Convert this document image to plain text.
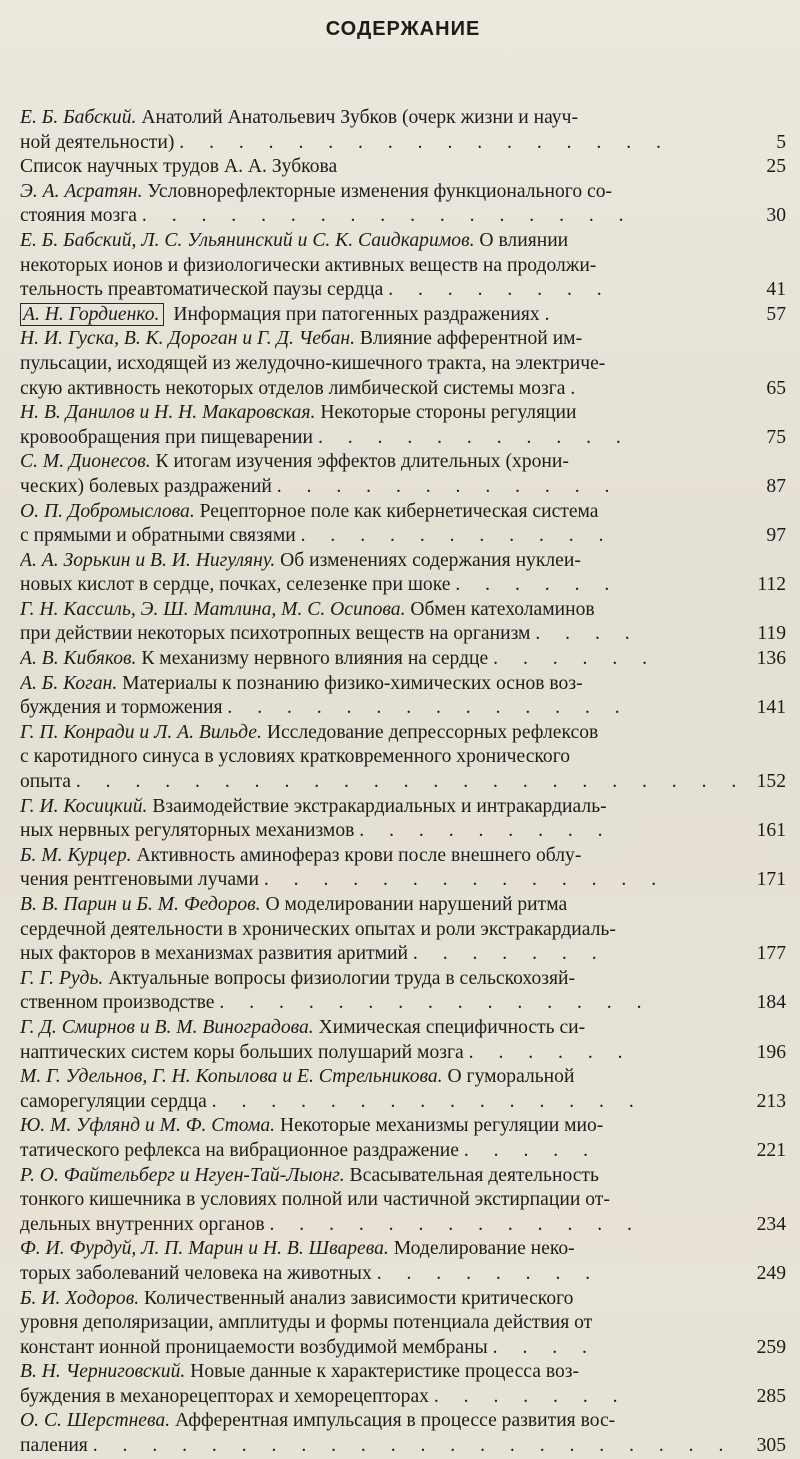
СОДЕРЖАНИЕ
Е. Б. Бабский. Анатолий Анатольевич Зубков (очерк жизни и науч-
ной деятельности) . . . . . . . . . . . . . . . . .	5
Список научных трудов А. А. Зубкова	25
Э. А. Асратян. Условнорефлекторные изменения функционального со-
стояния мозга . . . . . . . . . . . . . . . . .	30
Е. Б. Бабский, Л. С. Ульянинский и С. К. Саидкаримов. О влиянии
некоторых ионов и физиологически активных веществ на продолжи-
тельность преавтоматической паузы сердца . . . . . . . .	41
А. Н. Гордиенко. Информация при патогенных раздражениях .	57
Н. И. Гуска, В. К. Дороган и Г. Д. Чебан. Влияние афферентной им-
пульсации, исходящей из желудочно-кишечного тракта, на электриче-
скую активность некоторых отделов лимбической системы мозга .	65
Н. В. Данилов и Н. Н. Макаровская. Некоторые стороны регуляции
кровообращения при пищеварении . . . . . . . . . . .	75
С. М. Дионесов. К итогам изучения эффектов длительных (хрони-
ческих) болевых раздражений . . . . . . . . . . . .	87
О. П. Добромыслова. Рецепторное поле как кибернетическая система
с прямыми и обратными связями . . . . . . . . . . .	97
А. А. Зорькин и В. И. Нигуляну. Об изменениях содержания нуклеи-
новых кислот в сердце, почках, селезенке при шоке . . . . . .	112
Г. Н. Кассиль, Э. Ш. Матлина, М. С. Осипова. Обмен катехоламинов
при действии некоторых психотропных веществ на организм . . . .	119
А. В. Кибяков. К механизму нервного влияния на сердце . . . . . .	136
А. Б. Коган. Материалы к познанию физико-химических основ воз-
буждения и торможения . . . . . . . . . . . . . .	141
Г. П. Конради и Л. А. Вильде. Исследование депрессорных рефлексов
с каротидного синуса в условиях кратковременного хронического
опыта . . . . . . . . . . . . . . . . . . . . . . . 152
Г. И. Косицкий. Взаимодействие экстракардиальных и интракардиаль-
ных нервных регуляторных механизмов . . . . . . . . .	161
Б. М. Курцер. Активность аминофераз крови после внешнего облу-
чения рентгеновыми лучами . . . . . . . . . . . . . .	171
В. В. Парин и Б. М. Федоров. О моделировании нарушений ритма
сердечной деятельности в хронических опытах и роли экстракардиаль-
ных факторов в механизмах развития аритмий . . . . . . .	177
Г. Г. Рудь. Актуальные вопросы физиологии труда в сельскохозяй-
ственном производстве . . . . . . . . . . . . . . .	184
Г. Д. Смирнов и В. М. Виноградова. Химическая специфичность си-
наптических систем коры больших полушарий мозга . . . . . .	196
М. Г. Удельнов, Г. Н. Копылова и Е. Стрельникова. О гуморальной
саморегуляции сердца . . . . . . . . . . . . . . .	213
Ю. М. Уфлянд и М. Ф. Стома. Некоторые механизмы регуляции мио-
татического рефлекса на вибрационное раздражение . . . . .	221
Р. О. Файтельберг и Нгуен-Тай-Лыонг. Всасывательная деятельность
тонкого кишечника в условиях полной или частичной экстирпации от-
дельных внутренних органов . . . . . . . . . . . . .	234
Ф. И. Фурдуй, Л. П. Марин и Н. В. Шварева. Моделирование неко-
торых заболеваний человека на животных . . . . . . . .	249
Б. И. Ходоров. Количественный анализ зависимости критического
уровня деполяризации, амплитуды и формы потенциала действия от
констант ионной проницаемости возбудимой мембраны . . . .	259
В. Н. Черниговский. Новые данные к характеристике процесса воз-
буждения в механорецепторах и хеморецепторах . . . . . . .	285
О. С. Шерстнева. Афферентная импульсация в процессе развития вос-
паления . . . . . . . . . . . . . . . . . . . . . .	305
